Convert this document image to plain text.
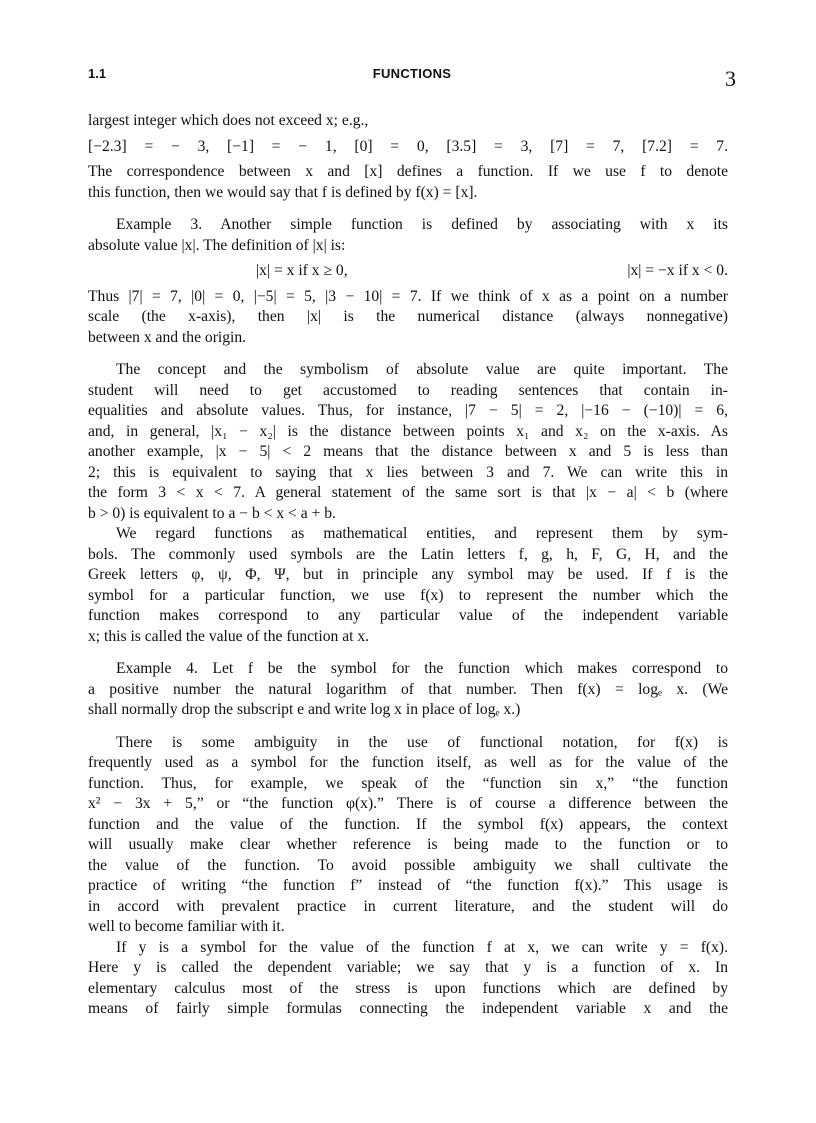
1.1	FUNCTIONS	3

largest integer which does not exceed x; e.g.,

[−2.3] = − 3, [−1] = − 1, [0] = 0, [3.5] = 3, [7] = 7, [7.2] = 7.

The correspondence between x and [x] defines a function. If we use f to denote

this function, then we would say that f is defined by f(x) = [x].

Example 3. Another simple function is defined by associating with x its

absolute value |x|. The definition of |x| is:

|x| = x if x ≥ 0,	|x| = −x if x < 0.

Thus |7| = 7, |0| = 0, |−5| = 5, |3 − 10| = 7. If we think of x as a point on a number

scale (the x-axis), then |x| is the numerical distance (always nonnegative)

between x and the origin.

The concept and the symbolism of absolute value are quite important. The

student will need to get accustomed to reading sentences that contain in-

equalities and absolute values. Thus, for instance, |7 − 5| = 2, |−16 − (−10)| = 6,

and, in general, |x₁ − x₂| is the distance between points x₁ and x₂ on the x-axis. As

another example, |x − 5| < 2 means that the distance between x and 5 is less than

2; this is equivalent to saying that x lies between 3 and 7. We can write this in

the form 3 < x < 7. A general statement of the same sort is that |x − a| < b (where

b > 0) is equivalent to a − b < x < a + b.

We regard functions as mathematical entities, and represent them by sym-

bols. The commonly used symbols are the Latin letters f, g, h, F, G, H, and the

Greek letters φ, ψ, Φ, Ψ, but in principle any symbol may be used. If f is the

symbol for a particular function, we use f(x) to represent the number which the

function makes correspond to any particular value of the independent variable

x; this is called the value of the function at x.

Example 4. Let f be the symbol for the function which makes correspond to

a positive number the natural logarithm of that number. Then f(x) = logₑ x. (We

shall normally drop the subscript e and write log x in place of logₑ x.)

There is some ambiguity in the use of functional notation, for f(x) is

frequently used as a symbol for the function itself, as well as for the value of the

function. Thus, for example, we speak of the “function sin x,” “the function

x² − 3x + 5,” or “the function φ(x).” There is of course a difference between the

function and the value of the function. If the symbol f(x) appears, the context

will usually make clear whether reference is being made to the function or to

the value of the function. To avoid possible ambiguity we shall cultivate the

practice of writing “the function f” instead of “the function f(x).” This usage is

in accord with prevalent practice in current literature, and the student will do

well to become familiar with it.

If y is a symbol for the value of the function f at x, we can write y = f(x).

Here y is called the dependent variable; we say that y is a function of x. In

elementary calculus most of the stress is upon functions which are defined by

means of fairly simple formulas connecting the independent variable x and the
